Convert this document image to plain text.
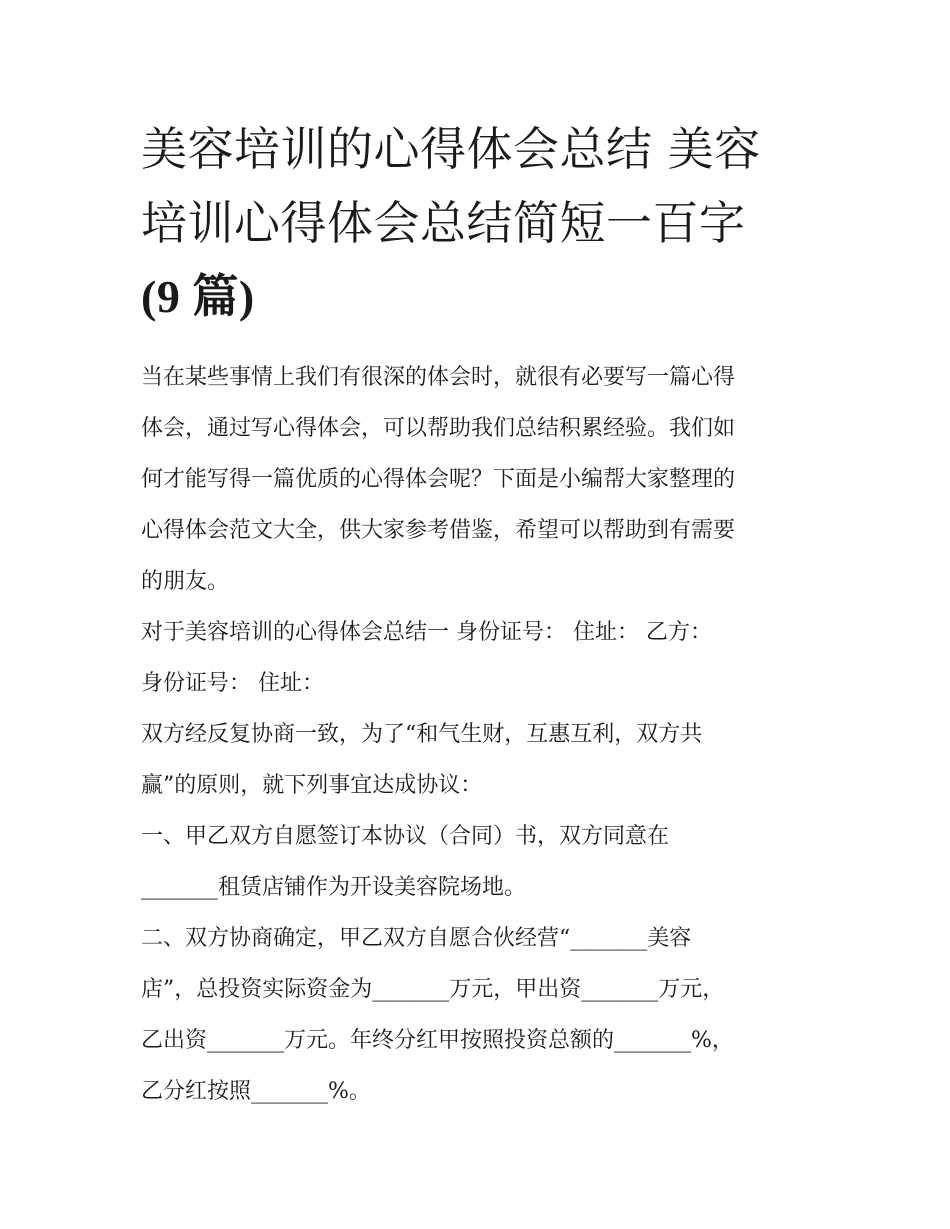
美容培训的心得体会总结 美容
培训心得体会总结简短一百字
(9 篇)

当在某些事情上我们有很深的体会时，就很有必要写一篇心得
体会，通过写心得体会，可以帮助我们总结积累经验。我们如
何才能写得一篇优质的心得体会呢？下面是小编帮大家整理的
心得体会范文大全，供大家参考借鉴，希望可以帮助到有需要
的朋友。

对于美容培训的心得体会总结一 身份证号： 住址： 乙方：
身份证号： 住址：

双方经反复协商一致，为了“和气生财，互惠互利，双方共
赢”的原则，就下列事宜达成协议：

一、甲乙双方自愿签订本协议（合同）书，双方同意在
_______租赁店铺作为开设美容院场地。

二、双方协商确定，甲乙双方自愿合伙经营“_______美容
店”，总投资实际资金为_______万元，甲出资_______万元，
乙出资_______万元。年终分红甲按照投资总额的_______%，
乙分红按照_______%。
